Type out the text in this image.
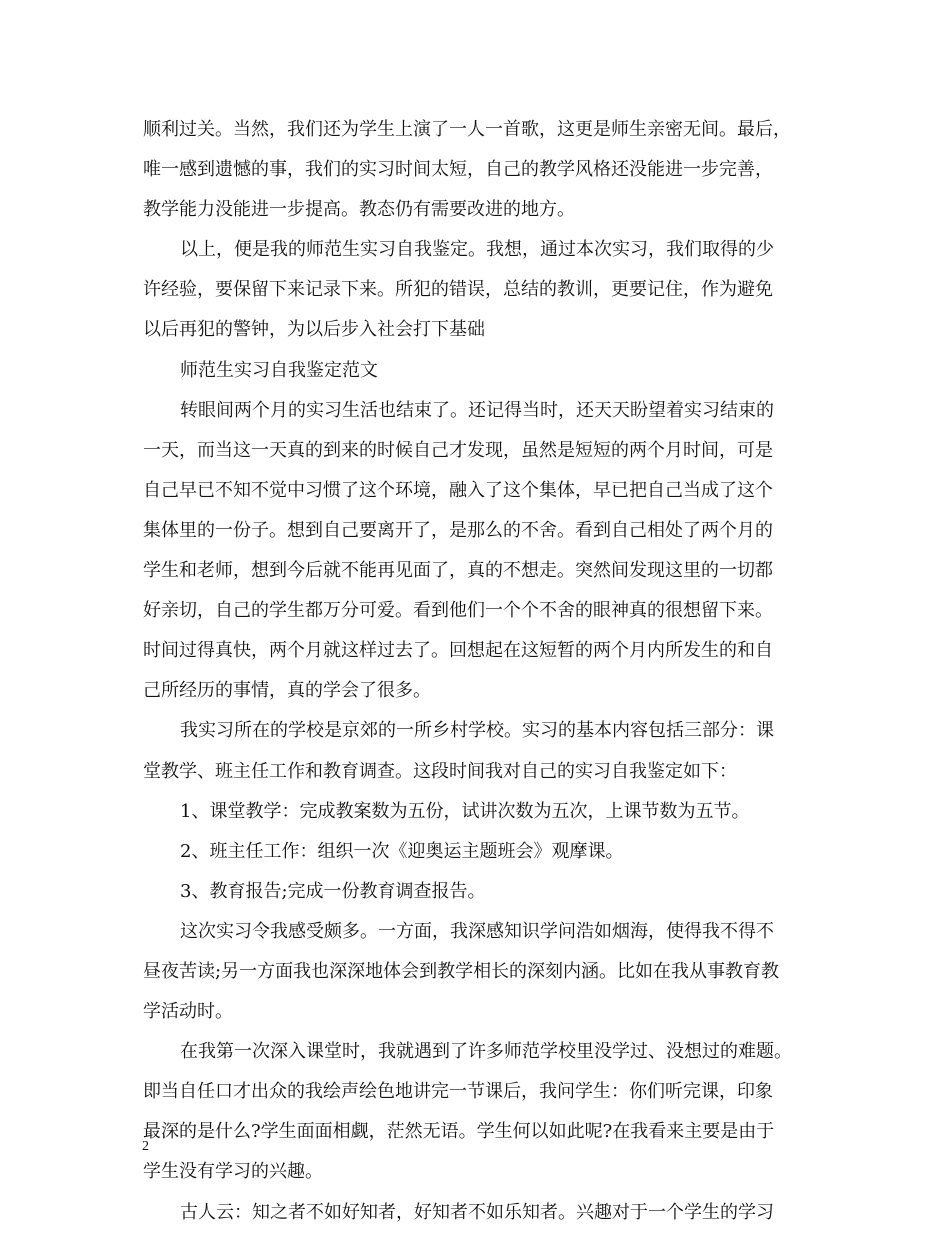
顺利过关。当然，我们还为学生上演了一人一首歌，这更是师生亲密无间。最后，
唯一感到遗憾的事，我们的实习时间太短，自己的教学风格还没能进一步完善，
教学能力没能进一步提高。教态仍有需要改进的地方。
以上，便是我的师范生实习自我鉴定。我想，通过本次实习，我们取得的少
许经验，要保留下来记录下来。所犯的错误，总结的教训，更要记住，作为避免
以后再犯的警钟，为以后步入社会打下基础
师范生实习自我鉴定范文
转眼间两个月的实习生活也结束了。还记得当时，还天天盼望着实习结束的
一天，而当这一天真的到来的时候自己才发现，虽然是短短的两个月时间，可是
自己早已不知不觉中习惯了这个环境，融入了这个集体，早已把自己当成了这个
集体里的一份子。想到自己要离开了，是那么的不舍。看到自己相处了两个月的
学生和老师，想到今后就不能再见面了，真的不想走。突然间发现这里的一切都
好亲切，自己的学生都万分可爱。看到他们一个个不舍的眼神真的很想留下来。
时间过得真快，两个月就这样过去了。回想起在这短暂的两个月内所发生的和自
己所经历的事情，真的学会了很多。
我实习所在的学校是京郊的一所乡村学校。实习的基本内容包括三部分：课
堂教学、班主任工作和教育调查。这段时间我对自己的实习自我鉴定如下：
1、课堂教学：完成教案数为五份，试讲次数为五次，上课节数为五节。
2、班主任工作：组织一次《迎奥运主题班会》观摩课。
3、教育报告;完成一份教育调查报告。
这次实习令我感受颇多。一方面，我深感知识学问浩如烟海，使得我不得不
昼夜苦读;另一方面我也深深地体会到教学相长的深刻内涵。比如在我从事教育教
学活动时。
在我第一次深入课堂时，我就遇到了许多师范学校里没学过、没想过的难题。
即当自任口才出众的我绘声绘色地讲完一节课后，我问学生：你们听完课，印象
最深的是什么?学生面面相觑，茫然无语。学生何以如此呢?在我看来主要是由于
学生没有学习的兴趣。
古人云：知之者不如好知者，好知者不如乐知者。兴趣对于一个学生的学习
2
